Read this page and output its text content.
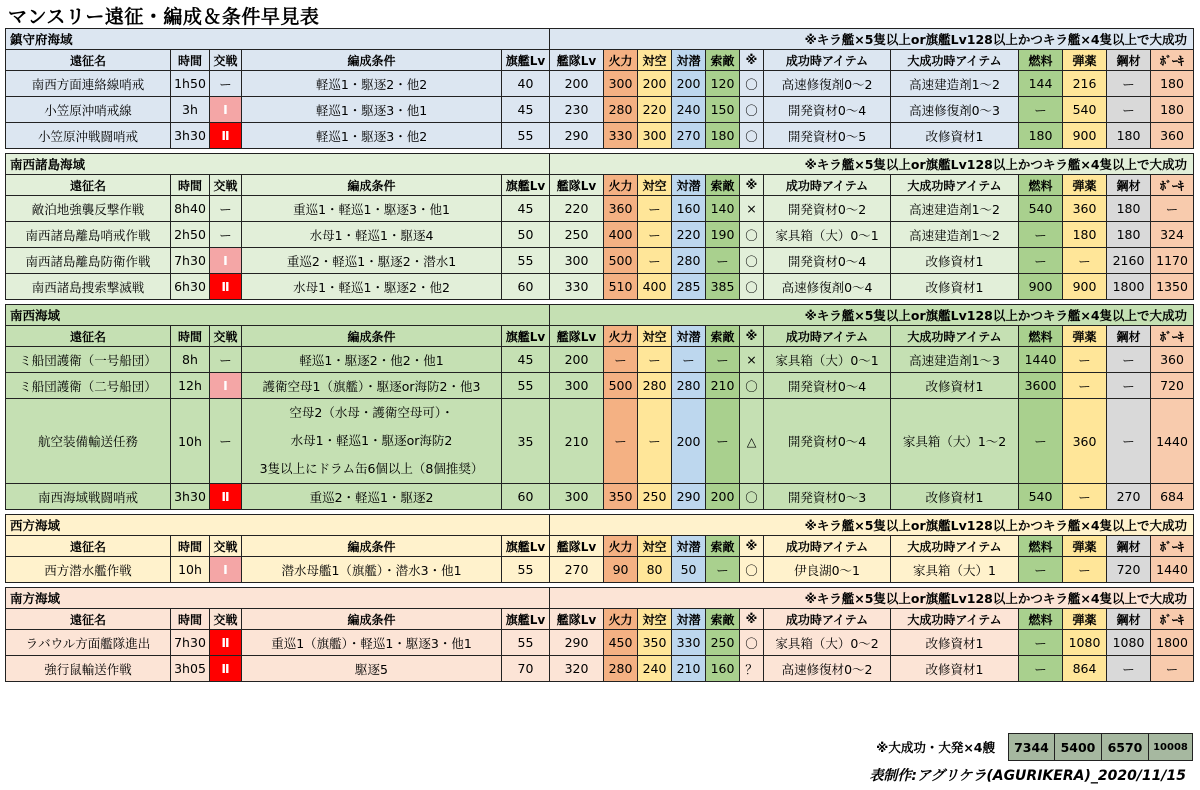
マンスリー遠征・編成＆条件早見表
鎮守府海域					※キラ艦×5隻以上or旗艦Lv128以上かつキラ艦×4隻以上で大成功											
遠征名	時間	交戦	編成条件	旗艦Lv	艦隊Lv	火力	対空	対潜	索敵	※	成功時アイテム	大成功時アイテム	燃料	弾薬	鋼材	ﾎﾞｰｷ
南西方面連絡線哨戒	1h50	ー	軽巡1・駆逐2・他2	40	200	300	200	200	120	〇	高速修復剤0～2	高速建造剤1～2	144	216	ー	180
小笠原沖哨戒線	3h	Ⅰ	軽巡1・駆逐3・他1	45	230	280	220	240	150	〇	開発資材0～4	高速修復剤0～3	ー	540	ー	180
小笠原沖戦闘哨戒	3h30	Ⅱ	軽巡1・駆逐3・他2	55	290	330	300	270	180	〇	開発資材0～5	改修資材1	180	900	180	360

南西諸島海域					※キラ艦×5隻以上or旗艦Lv128以上かつキラ艦×4隻以上で大成功											
遠征名	時間	交戦	編成条件	旗艦Lv	艦隊Lv	火力	対空	対潜	索敵	※	成功時アイテム	大成功時アイテム	燃料	弾薬	鋼材	ﾎﾞｰｷ
敵泊地強襲反撃作戦	8h40	ー	重巡1・軽巡1・駆逐3・他1	45	220	360	ー	160	140	×	開発資材0～2	高速建造剤1～2	540	360	180	ー
南西諸島離島哨戒作戦	2h50	ー	水母1・軽巡1・駆逐4	50	250	400	ー	220	190	〇	家具箱（大）0～1	高速建造剤1～2	ー	180	180	324
南西諸島離島防衛作戦	7h30	Ⅰ	重巡2・軽巡1・駆逐2・潜水1	55	300	500	ー	280	ー	〇	開発資材0～4	改修資材1	ー	ー	2160	1170
南西諸島捜索撃滅戦	6h30	Ⅱ	水母1・軽巡1・駆逐2・他2	60	330	510	400	285	385	〇	高速修復剤0～4	改修資材1	900	900	1800	1350

南西海域					※キラ艦×5隻以上or旗艦Lv128以上かつキラ艦×4隻以上で大成功											
遠征名	時間	交戦	編成条件	旗艦Lv	艦隊Lv	火力	対空	対潜	索敵	※	成功時アイテム	大成功時アイテム	燃料	弾薬	鋼材	ﾎﾞｰｷ
ミ船団護衛（一号船団）	8h	ー	軽巡1・駆逐2・他2・他1	45	200	ー	ー	ー	ー	×	家具箱（大）0～1	高速建造剤1～3	1440	ー	ー	360
ミ船団護衛（二号船団）	12h	Ⅰ	護衛空母1（旗艦）・駆逐or海防2・他3	55	300	500	280	280	210	〇	開発資材0～4	改修資材1	3600	ー	ー	720
航空装備輸送任務	10h	ー	空母2（水母・護衛空母可）・
水母1・軽巡1・駆逐or海防2
3隻以上にドラム缶6個以上（8個推奨）	35	210	ー	ー	200	ー	△	開発資材0～4	家具箱（大）1～2	ー	360	ー	1440
南西海域戦闘哨戒	3h30	Ⅱ	重巡2・軽巡1・駆逐2	60	300	350	250	290	200	〇	開発資材0～3	改修資材1	540	ー	270	684

西方海域					※キラ艦×5隻以上or旗艦Lv128以上かつキラ艦×4隻以上で大成功											
遠征名	時間	交戦	編成条件	旗艦Lv	艦隊Lv	火力	対空	対潜	索敵	※	成功時アイテム	大成功時アイテム	燃料	弾薬	鋼材	ﾎﾞｰｷ
西方潜水艦作戦	10h	Ⅰ	潜水母艦1（旗艦）・潜水3・他1	55	270	90	80	50	ー	〇	伊良湖0～1	家具箱（大）1	ー	ー	720	1440

南方海域					※キラ艦×5隻以上or旗艦Lv128以上かつキラ艦×4隻以上で大成功											
遠征名	時間	交戦	編成条件	旗艦Lv	艦隊Lv	火力	対空	対潜	索敵	※	成功時アイテム	大成功時アイテム	燃料	弾薬	鋼材	ﾎﾞｰｷ
ラバウル方面艦隊進出	7h30	Ⅱ	重巡1（旗艦）・軽巡1・駆逐3・他1	55	290	450	350	330	250	〇	家具箱（大）0～2	改修資材1	ー	1080	1080	1800
強行鼠輸送作戦	3h05	Ⅱ	駆逐5	70	320	280	240	210	160	？	高速修復材0～2	改修資材1	ー	864	ー	ー
※大成功・大発×4艘 7344	5400	6570	10008
表制作:アグリケラ(AGURIKERA)_2020/11/15
